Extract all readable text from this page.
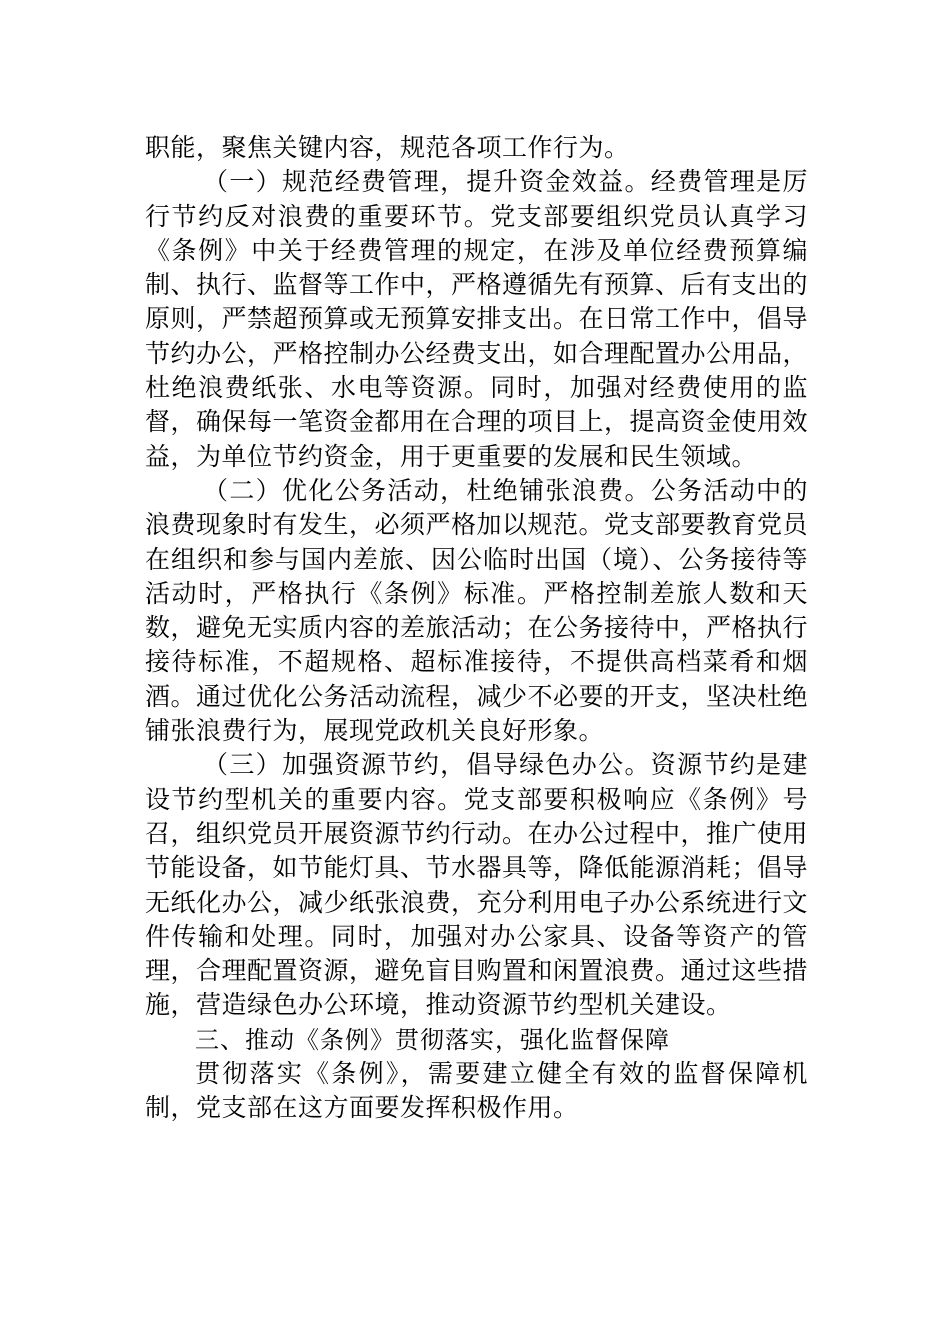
职能，聚焦关键内容，规范各项工作行为。

（一）规范经费管理，提升资金效益。经费管理是厉行节约反对浪费的重要环节。党支部要组织党员认真学习《条例》中关于经费管理的规定，在涉及单位经费预算编制、执行、监督等工作中，严格遵循先有预算、后有支出的原则，严禁超预算或无预算安排支出。在日常工作中，倡导节约办公，严格控制办公经费支出，如合理配置办公用品，杜绝浪费纸张、水电等资源。同时，加强对经费使用的监督，确保每一笔资金都用在合理的项目上，提高资金使用效益，为单位节约资金，用于更重要的发展和民生领域。

（二）优化公务活动，杜绝铺张浪费。公务活动中的浪费现象时有发生，必须严格加以规范。党支部要教育党员在组织和参与国内差旅、因公临时出国（境）、公务接待等活动时，严格执行《条例》标准。严格控制差旅人数和天数，避免无实质内容的差旅活动；在公务接待中，严格执行接待标准，不超规格、超标准接待，不提供高档菜肴和烟酒。通过优化公务活动流程，减少不必要的开支，坚决杜绝铺张浪费行为，展现党政机关良好形象。

（三）加强资源节约，倡导绿色办公。资源节约是建设节约型机关的重要内容。党支部要积极响应《条例》号召，组织党员开展资源节约行动。在办公过程中，推广使用节能设备，如节能灯具、节水器具等，降低能源消耗；倡导无纸化办公，减少纸张浪费，充分利用电子办公系统进行文件传输和处理。同时，加强对办公家具、设备等资产的管理，合理配置资源，避免盲目购置和闲置浪费。通过这些措施，营造绿色办公环境，推动资源节约型机关建设。

三、推动《条例》贯彻落实，强化监督保障

贯彻落实《条例》，需要建立健全有效的监督保障机制，党支部在这方面要发挥积极作用。
